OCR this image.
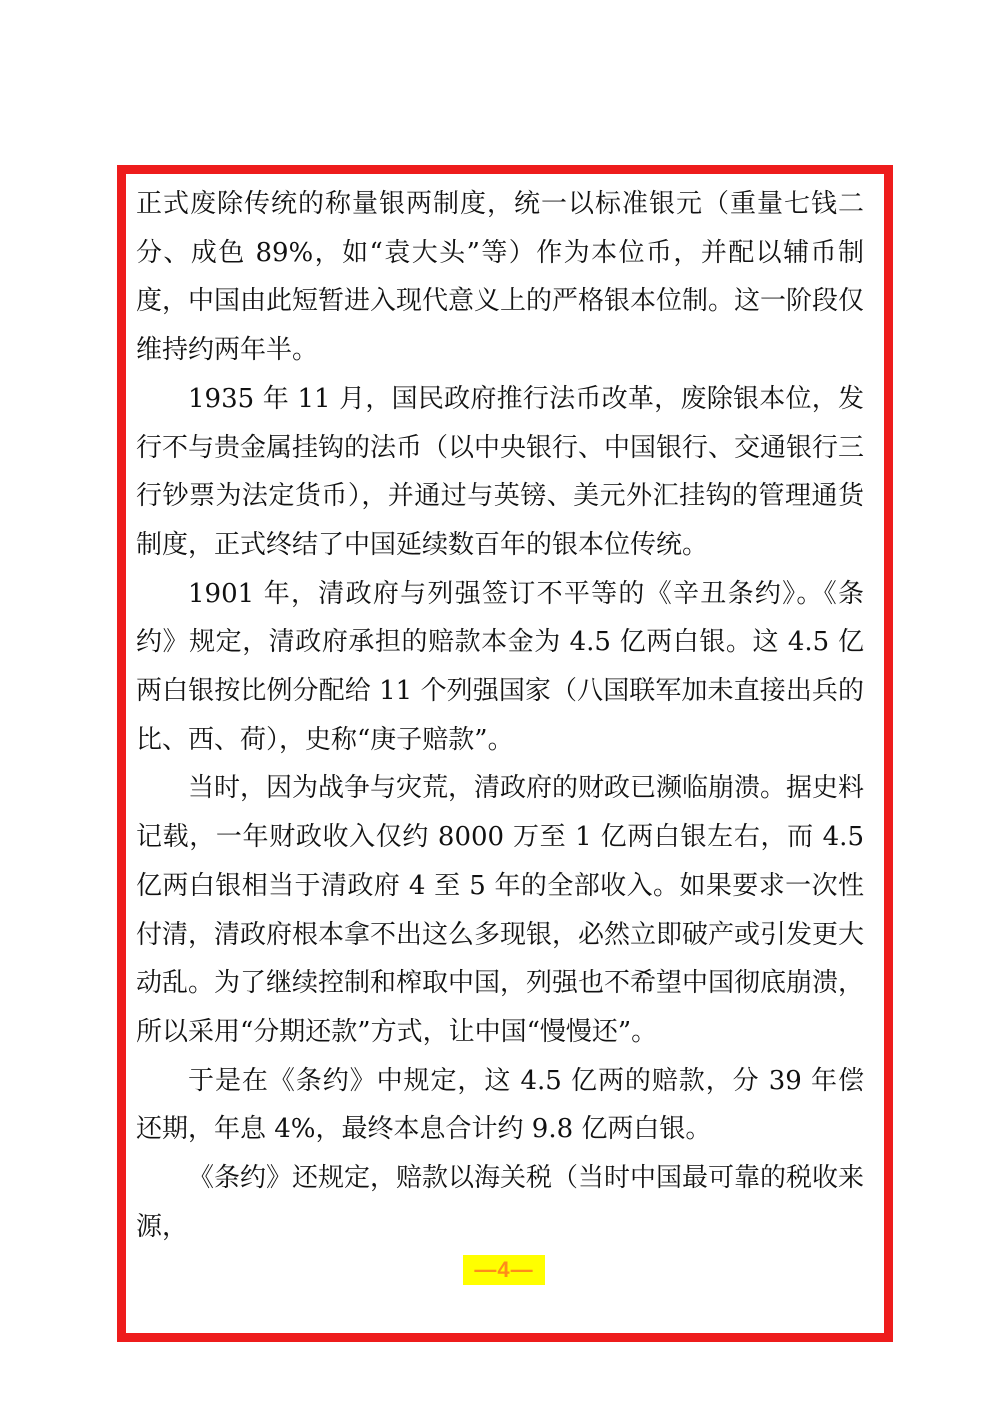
正式废除传统的称量银两制度，统一以标准银元（重量七钱二分、成色 89%，如“袁大头”等）作为本位币，并配以辅币制度，中国由此短暂进入现代意义上的严格银本位制。这一阶段仅维持约两年半。

1935 年 11 月，国民政府推行法币改革，废除银本位，发行不与贵金属挂钩的法币（以中央银行、中国银行、交通银行三行钞票为法定货币），并通过与英镑、美元外汇挂钩的管理通货制度，正式终结了中国延续数百年的银本位传统。

1901 年，清政府与列强签订不平等的《辛丑条约》。《条约》规定，清政府承担的赔款本金为 4.5 亿两白银。这 4.5 亿两白银按比例分配给 11 个列强国家（八国联军加未直接出兵的比、西、荷），史称“庚子赔款”。

当时，因为战争与灾荒，清政府的财政已濒临崩溃。据史料记载，一年财政收入仅约 8000 万至 1 亿两白银左右，而 4.5 亿两白银相当于清政府 4 至 5 年的全部收入。如果要求一次性付清，清政府根本拿不出这么多现银，必然立即破产或引发更大动乱。为了继续控制和榨取中国，列强也不希望中国彻底崩溃，所以采用“分期还款”方式，让中国“慢慢还”。

于是在《条约》中规定，这 4.5 亿两的赔款，分 39 年偿还期，年息 4%，最终本息合计约 9.8 亿两白银。

《条约》还规定，赔款以海关税（当时中国最可靠的税收来源，

—4—
